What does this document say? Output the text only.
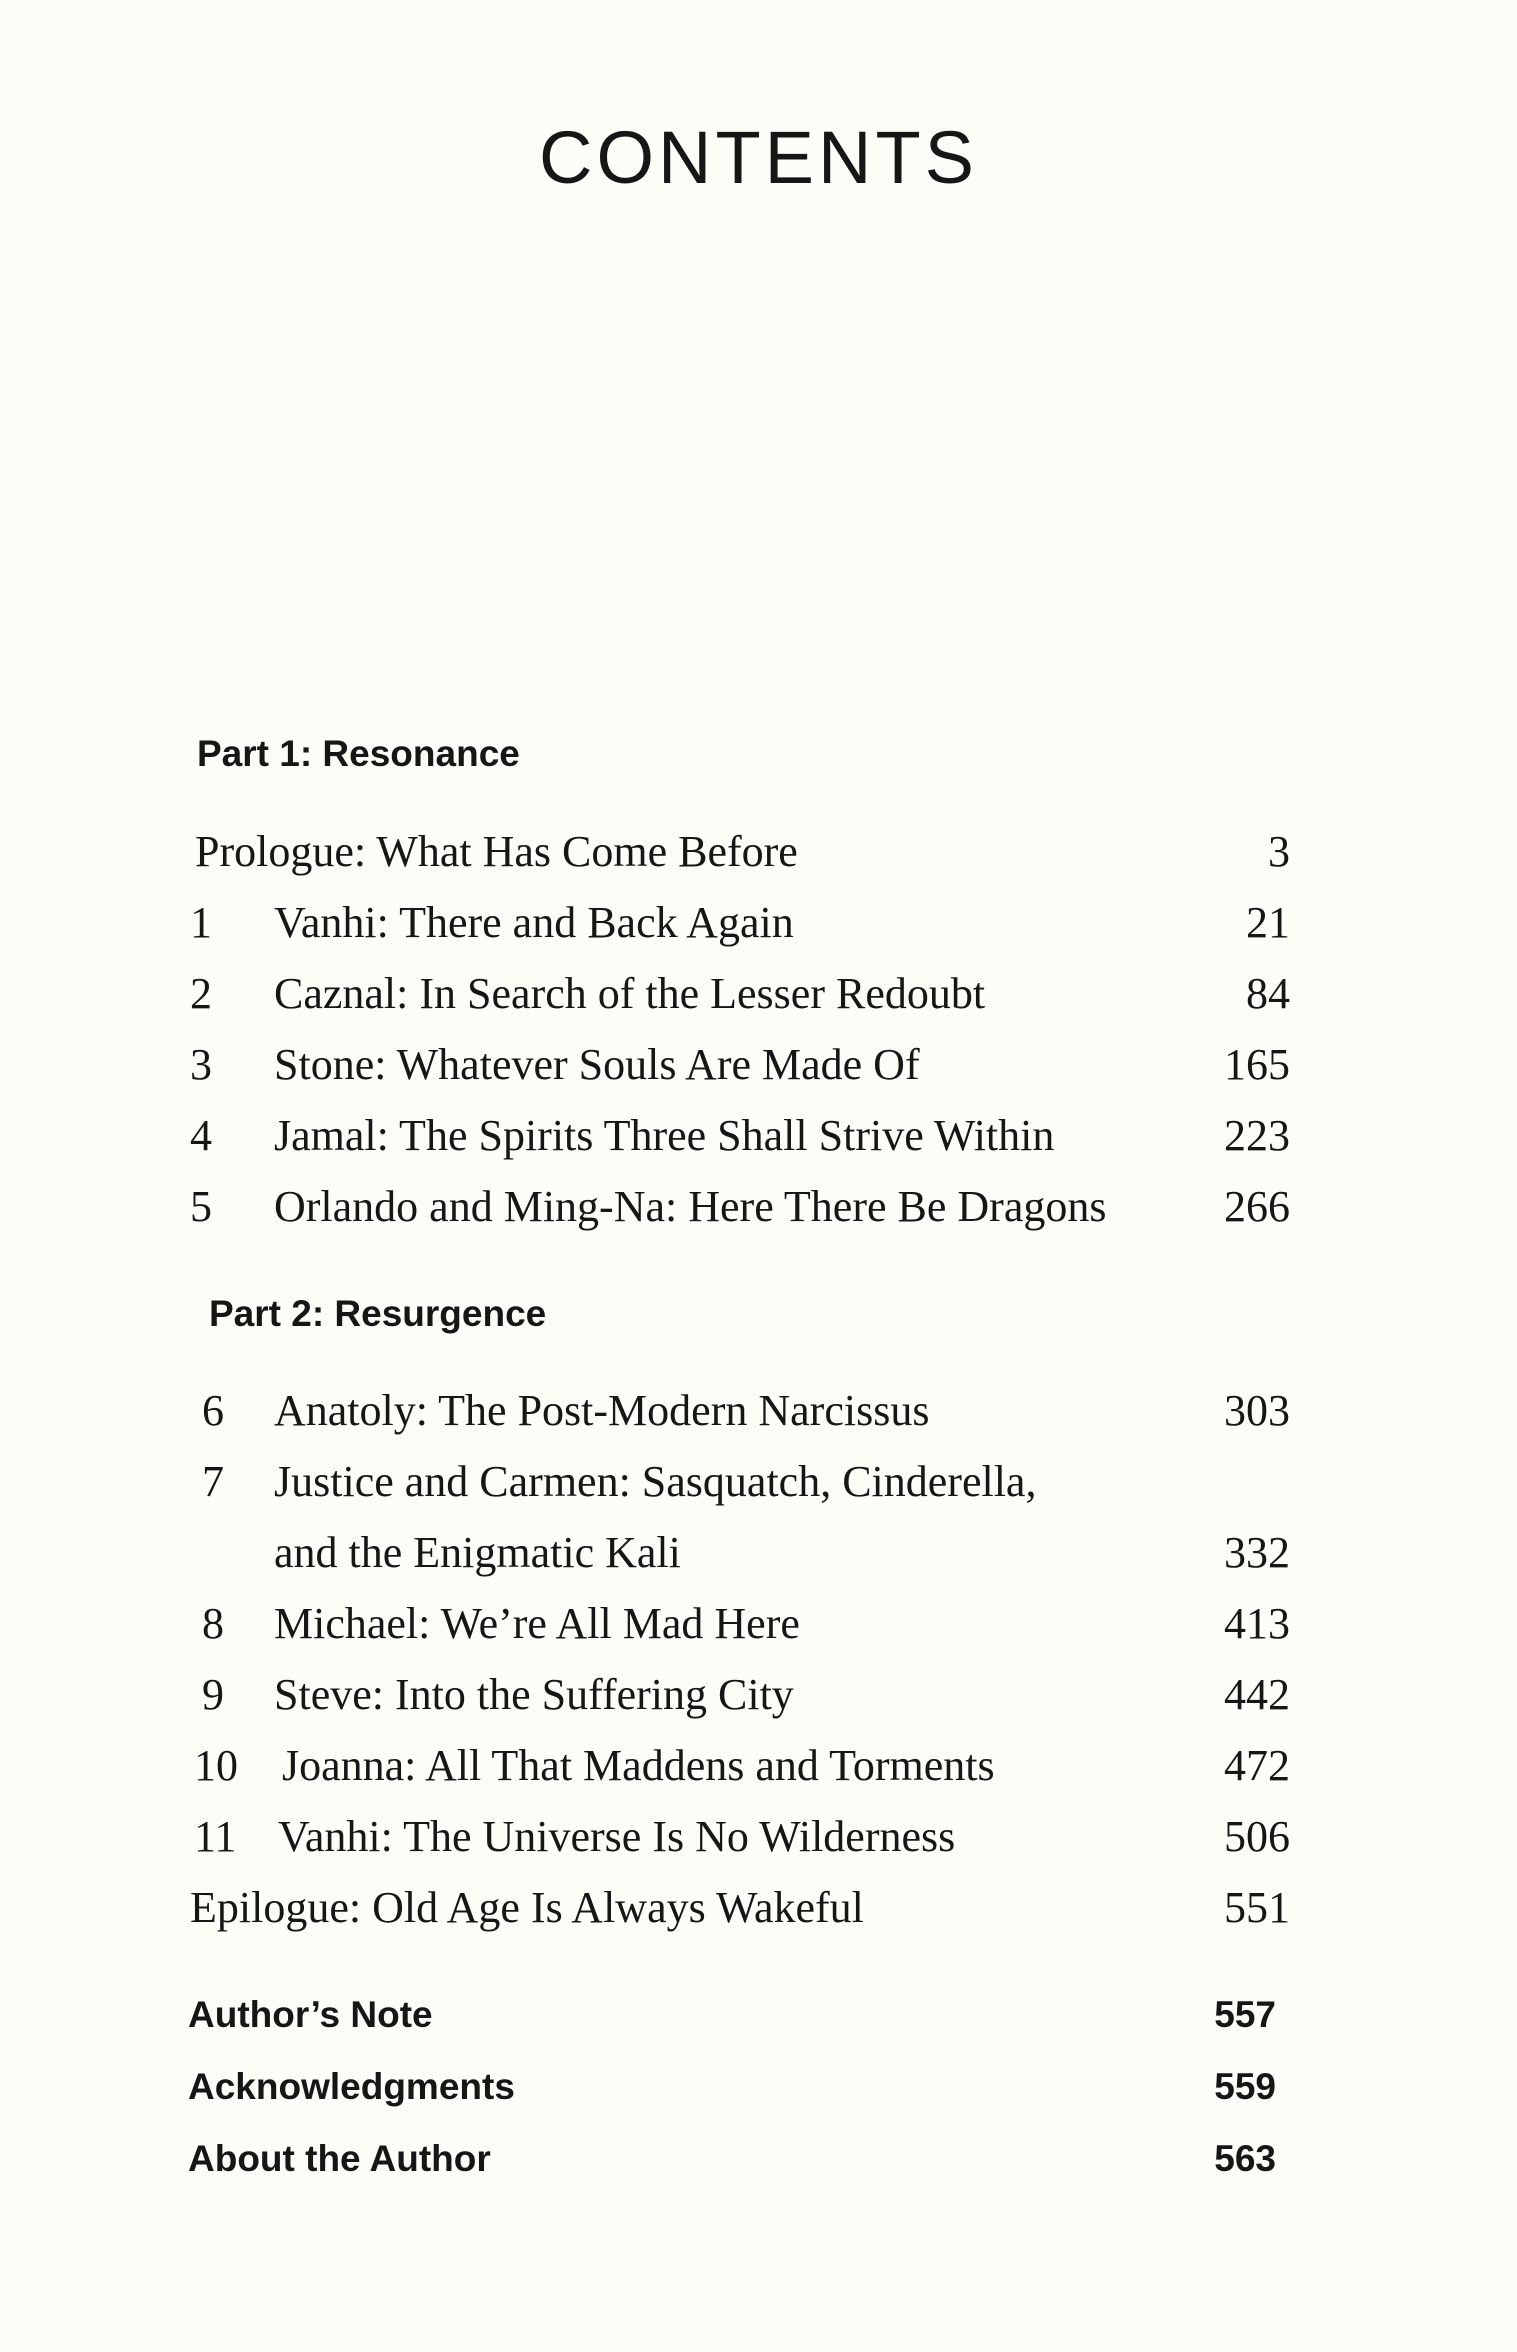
CONTENTS
Part 1: Resonance
Prologue: What Has Come Before	3
1	Vanhi: There and Back Again	21
2	Caznal: In Search of the Lesser Redoubt	84
3	Stone: Whatever Souls Are Made Of	165
4	Jamal: The Spirits Three Shall Strive Within	223
5	Orlando and Ming-Na: Here There Be Dragons	266
Part 2: Resurgence
6	Anatoly: The Post-Modern Narcissus	303
7	Justice and Carmen: Sasquatch, Cinderella,
and the Enigmatic Kali	332
8	Michael: We’re All Mad Here	413
9	Steve: Into the Suffering City	442
10	Joanna: All That Maddens and Torments	472
11 Vanhi: The Universe Is No Wilderness	506
Epilogue: Old Age Is Always Wakeful	551
Author’s Note	557
Acknowledgments	559
About the Author	563
